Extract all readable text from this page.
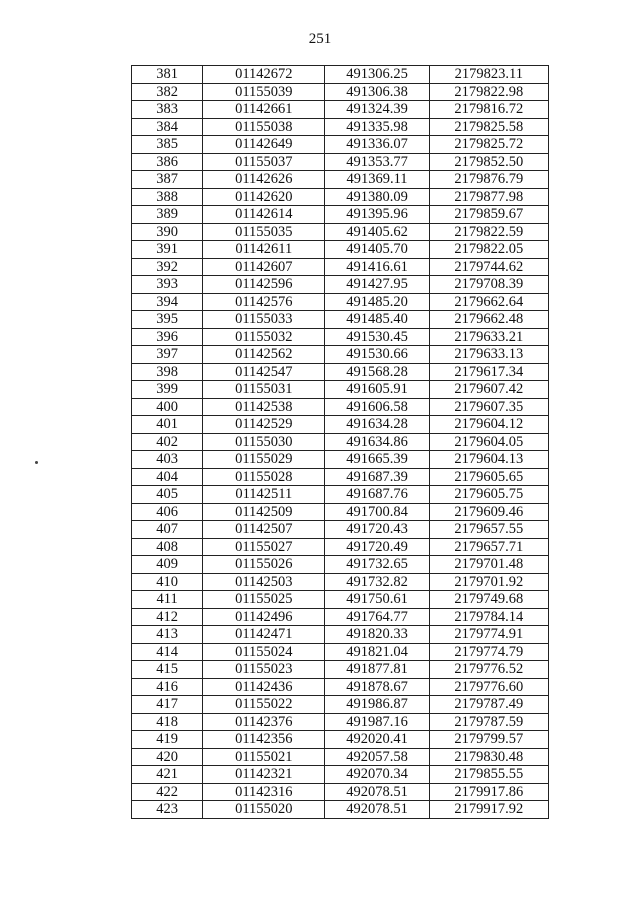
251
381	01142672	491306.25	2179823.11
382	01155039	491306.38	2179822.98
383	01142661	491324.39	2179816.72
384	01155038	491335.98	2179825.58
385	01142649	491336.07	2179825.72
386	01155037	491353.77	2179852.50
387	01142626	491369.11	2179876.79
388	01142620	491380.09	2179877.98
389	01142614	491395.96	2179859.67
390	01155035	491405.62	2179822.59
391	01142611	491405.70	2179822.05
392	01142607	491416.61	2179744.62
393	01142596	491427.95	2179708.39
394	01142576	491485.20	2179662.64
395	01155033	491485.40	2179662.48
396	01155032	491530.45	2179633.21
397	01142562	491530.66	2179633.13
398	01142547	491568.28	2179617.34
399	01155031	491605.91	2179607.42
400	01142538	491606.58	2179607.35
401	01142529	491634.28	2179604.12
402	01155030	491634.86	2179604.05
403	01155029	491665.39	2179604.13
404	01155028	491687.39	2179605.65
405	01142511	491687.76	2179605.75
406	01142509	491700.84	2179609.46
407	01142507	491720.43	2179657.55
408	01155027	491720.49	2179657.71
409	01155026	491732.65	2179701.48
410	01142503	491732.82	2179701.92
411	01155025	491750.61	2179749.68
412	01142496	491764.77	2179784.14
413	01142471	491820.33	2179774.91
414	01155024	491821.04	2179774.79
415	01155023	491877.81	2179776.52
416	01142436	491878.67	2179776.60
417	01155022	491986.87	2179787.49
418	01142376	491987.16	2179787.59
419	01142356	492020.41	2179799.57
420	01155021	492057.58	2179830.48
421	01142321	492070.34	2179855.55
422	01142316	492078.51	2179917.86
423	01155020	492078.51	2179917.92
